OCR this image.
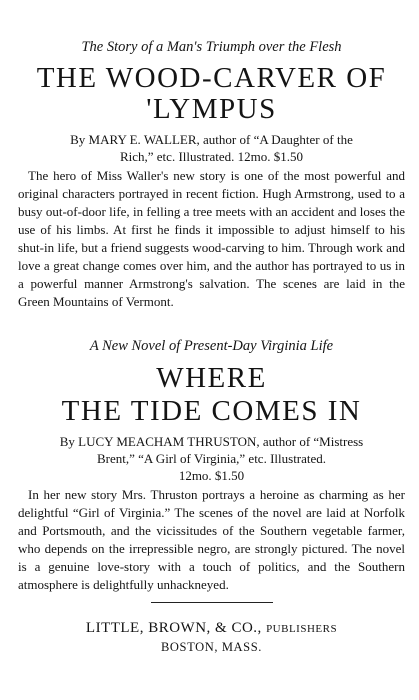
The Story of a Man's Triumph over the Flesh
THE WOOD-CARVER OF
'LYMPUS
By MARY E. WALLER, author of “A Daughter of the
Rich,” etc. Illustrated. 12mo. $1.50

The hero of Miss Waller's new story is one of the most powerful and original characters portrayed in recent fiction. Hugh Armstrong, used to a busy out-of-door life, in felling a tree meets with an accident and loses the use of his limbs. At first he finds it impossible to adjust himself to his shut-in life, but a friend suggests wood-carving to him. Through work and love a great change comes over him, and the author has portrayed to us in a powerful manner Armstrong's salvation. The scenes are laid in the Green Mountains of Vermont.

A New Novel of Present-Day Virginia Life
WHERE
THE TIDE COMES IN
By LUCY MEACHAM THRUSTON, author of “Mistress
Brent,” “A Girl of Virginia,” etc. Illustrated.
12mo. $1.50

In her new story Mrs. Thruston portrays a heroine as charming as her delightful “Girl of Virginia.” The scenes of the novel are laid at Norfolk and Portsmouth, and the vicissitudes of the Southern vegetable farmer, who depends on the irrepressible negro, are strongly pictured. The novel is a genuine love-story with a touch of politics, and the Southern atmosphere is delightfully unhackneyed.

LITTLE, BROWN, & CO., PUBLISHERS
BOSTON, MASS.
